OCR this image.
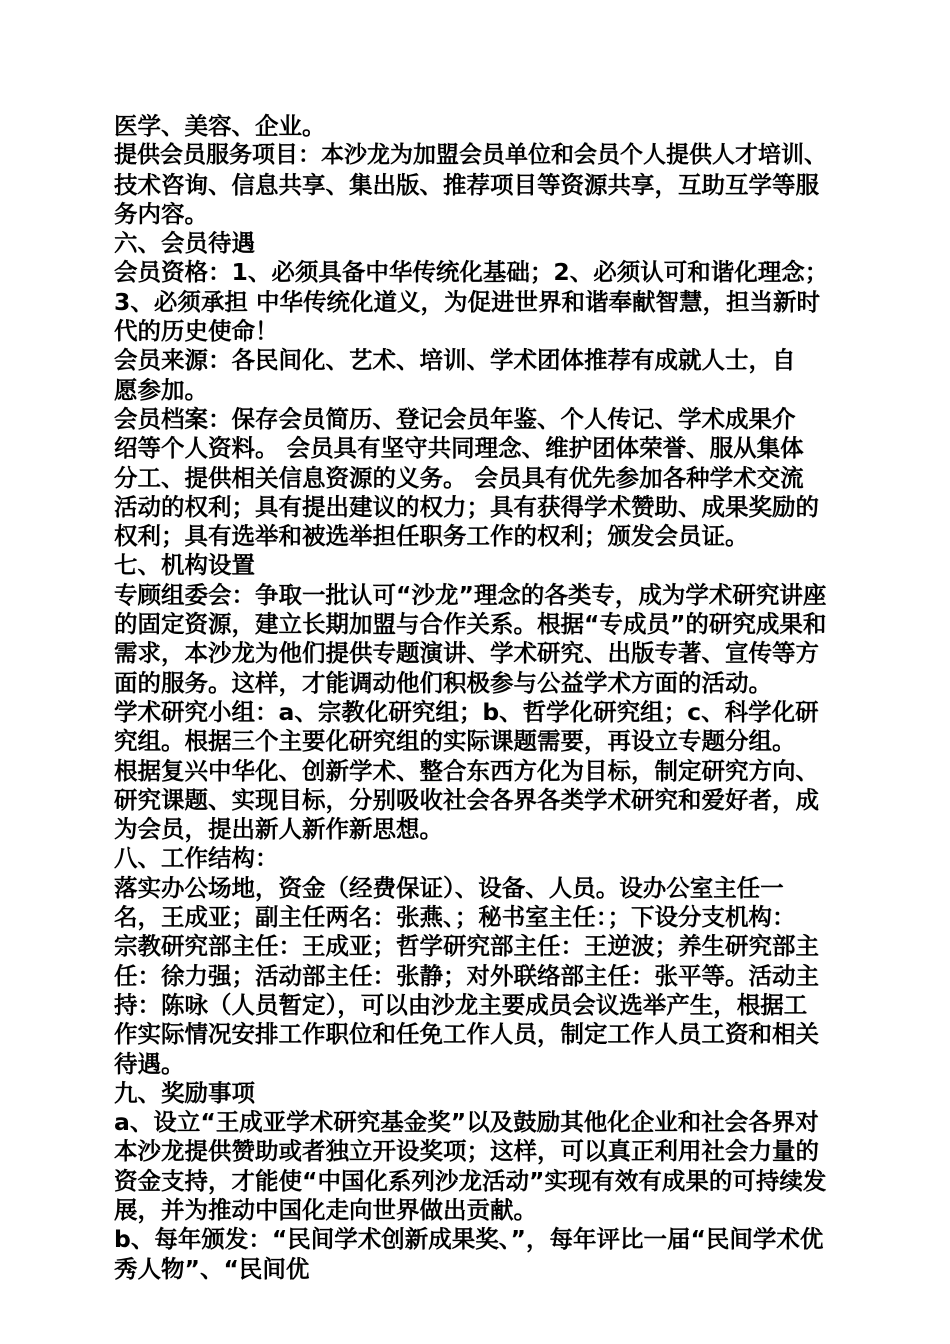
医学、美容、企业。
提供会员服务项目：本沙龙为加盟会员单位和会员个人提供人才培训、
技术咨询、信息共享、集出版、推荐项目等资源共享，互助互学等服
务内容。
六、会员待遇
会员资格：1、必须具备中华传统化基础；2、必须认可和谐化理念；
3、必须承担 中华传统化道义，为促进世界和谐奉献智慧，担当新时
代的历史使命！
会员来源：各民间化、艺术、培训、学术团体推荐有成就人士，自
愿参加。
会员档案：保存会员简历、登记会员年鉴、个人传记、学术成果介
绍等个人资料。 会员具有坚守共同理念、维护团体荣誉、服从集体
分工、提供相关信息资源的义务。 会员具有优先参加各种学术交流
活动的权利；具有提出建议的权力；具有获得学术赞助、成果奖励的
权利；具有选举和被选举担任职务工作的权利；颁发会员证。
七、机构设置
专顾组委会：争取一批认可“沙龙”理念的各类专，成为学术研究讲座
的固定资源，建立长期加盟与合作关系。根据“专成员”的研究成果和
需求，本沙龙为他们提供专题演讲、学术研究、出版专著、宣传等方
面的服务。这样，才能调动他们积极参与公益学术方面的活动。
学术研究小组：a、宗教化研究组；b、哲学化研究组；c、科学化研
究组。根据三个主要化研究组的实际课题需要，再设立专题分组。
根据复兴中华化、创新学术、整合东西方化为目标，制定研究方向、
研究课题、实现目标，分别吸收社会各界各类学术研究和爱好者，成
为会员，提出新人新作新思想。
八、工作结构：
落实办公场地，资金（经费保证）、设备、人员。设办公室主任一
名，王成亚；副主任两名：张燕、；秘书室主任：；下设分支机构：
宗教研究部主任：王成亚；哲学研究部主任：王逆波；养生研究部主
任：徐力强；活动部主任：张静；对外联络部主任：张平等。活动主
持：陈咏（人员暂定），可以由沙龙主要成员会议选举产生，根据工
作实际情况安排工作职位和任免工作人员，制定工作人员工资和相关
待遇。
九、奖励事项
a、设立“王成亚学术研究基金奖”以及鼓励其他化企业和社会各界对
本沙龙提供赞助或者独立开设奖项；这样，可以真正利用社会力量的
资金支持，才能使“中国化系列沙龙活动”实现有效有成果的可持续发
展，并为推动中国化走向世界做出贡献。
b、每年颁发：“民间学术创新成果奖、”，每年评比一届“民间学术优
秀人物”、“民间优
